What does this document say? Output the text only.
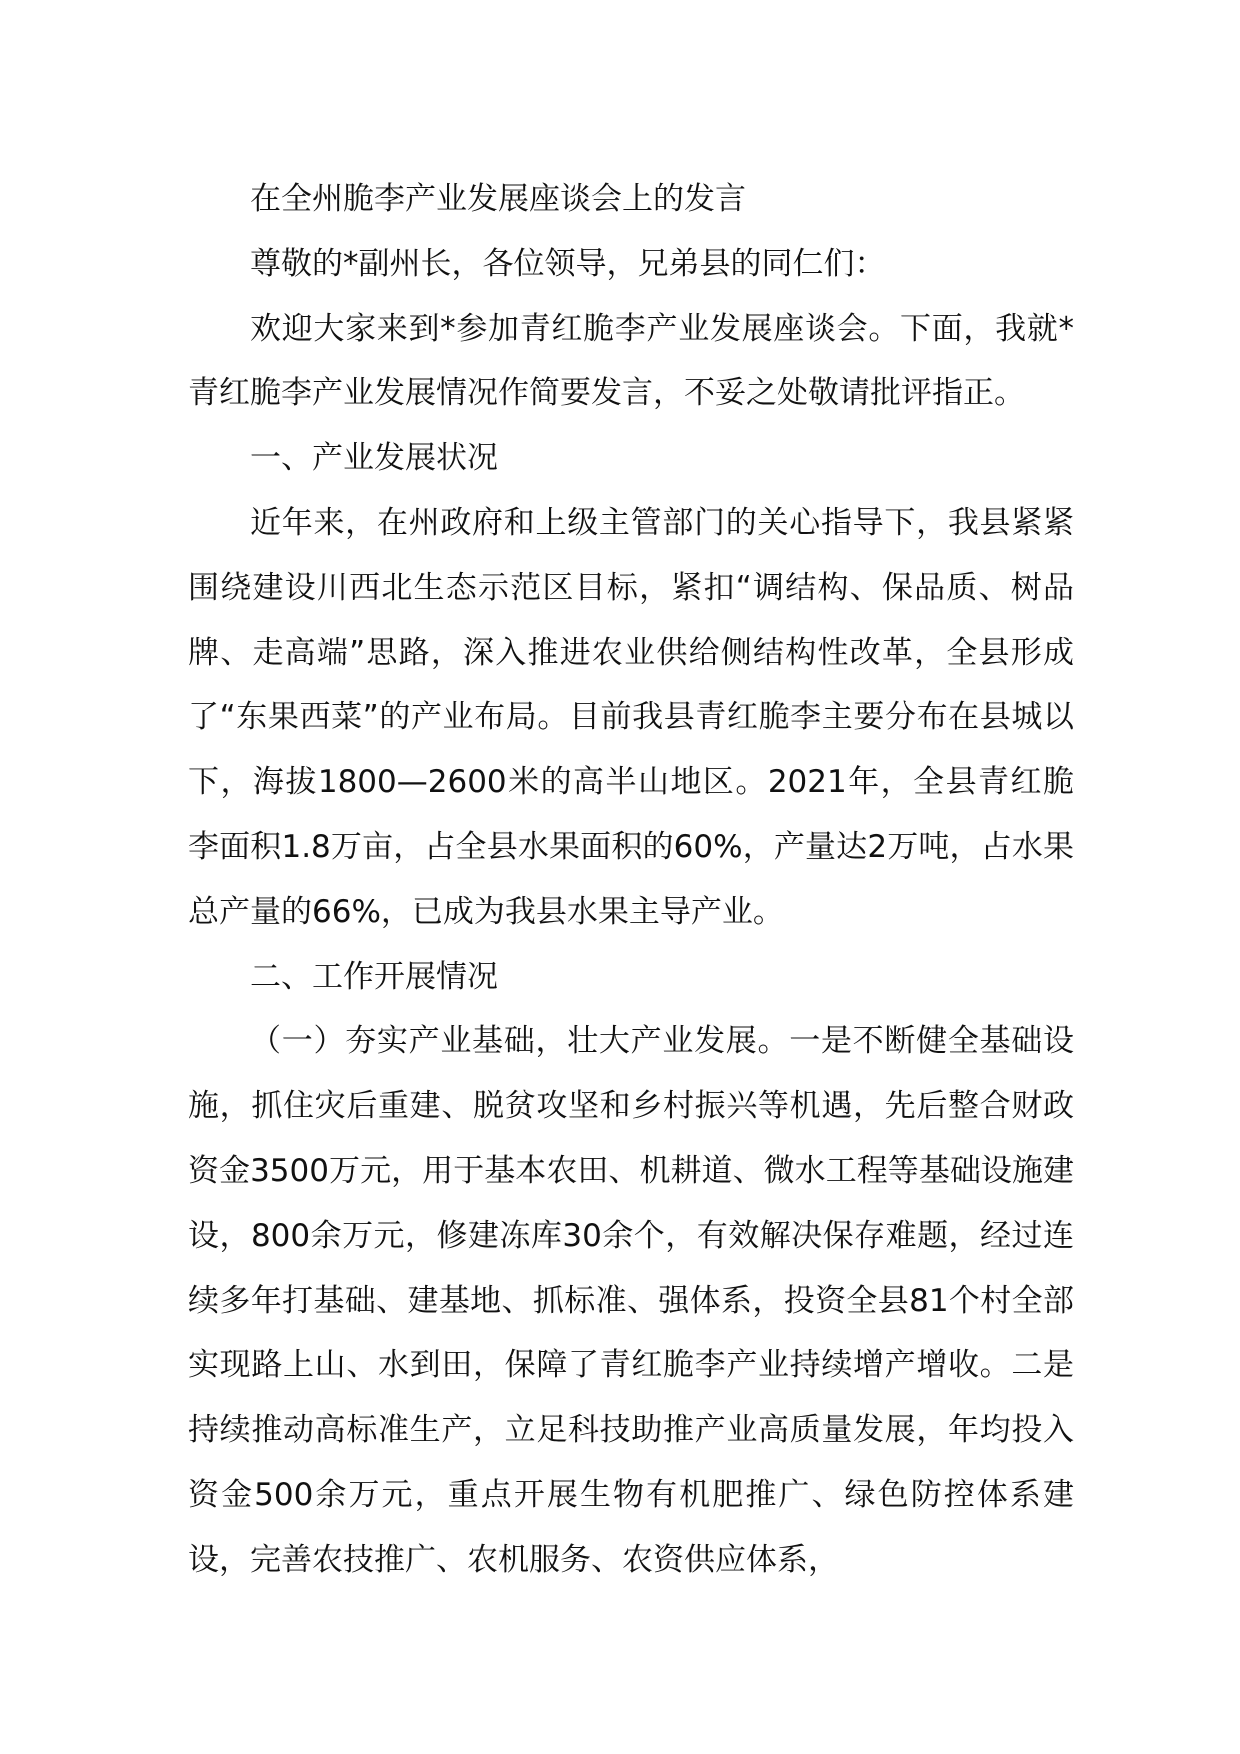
在全州脆李产业发展座谈会上的发言

尊敬的*副州长，各位领导，兄弟县的同仁们：

欢迎大家来到*参加青红脆李产业发展座谈会。下面，我就*青红脆李产业发展情况作简要发言，不妥之处敬请批评指正。

一、产业发展状况

近年来，在州政府和上级主管部门的关心指导下，我县紧紧围绕建设川西北生态示范区目标，紧扣“调结构、保品质、树品牌、走高端”思路，深入推进农业供给侧结构性改革，全县形成了“东果西菜”的产业布局。目前我县青红脆李主要分布在县城以下，海拔1800—2600米的高半山地区。2021年，全县青红脆李面积1.8万亩，占全县水果面积的60%，产量达2万吨，占水果总产量的66%，已成为我县水果主导产业。

二、工作开展情况

（一）夯实产业基础，壮大产业发展。一是不断健全基础设施，抓住灾后重建、脱贫攻坚和乡村振兴等机遇，先后整合财政资金3500万元，用于基本农田、机耕道、微水工程等基础设施建设，800余万元，修建冻库30余个，有效解决保存难题，经过连续多年打基础、建基地、抓标准、强体系，投资全县81个村全部实现路上山、水到田，保障了青红脆李产业持续增产增收。二是持续推动高标准生产，立足科技助推产业高质量发展，年均投入资金500余万元，重点开展生物有机肥推广、绿色防控体系建设，完善农技推广、农机服务、农资供应体系，
